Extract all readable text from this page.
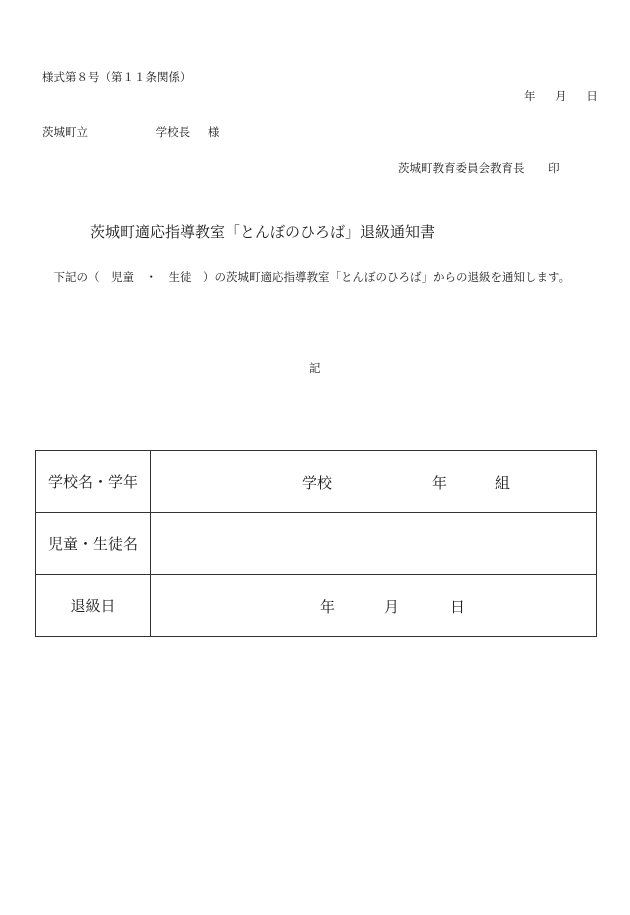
様式第８号（第１１条関係）
年 月 日
茨城町立	学校長 様
茨城町教育委員会教育長 印
茨城町適応指導教室「とんぼのひろば」退級通知書
　下記の（　児童　・　生徒　）の茨城町適応指導教室「とんぼのひろば」からの退級を通知します。
記
学校名・学年	学校 年 組

児童・生徒名	
退級日	年 月 日
